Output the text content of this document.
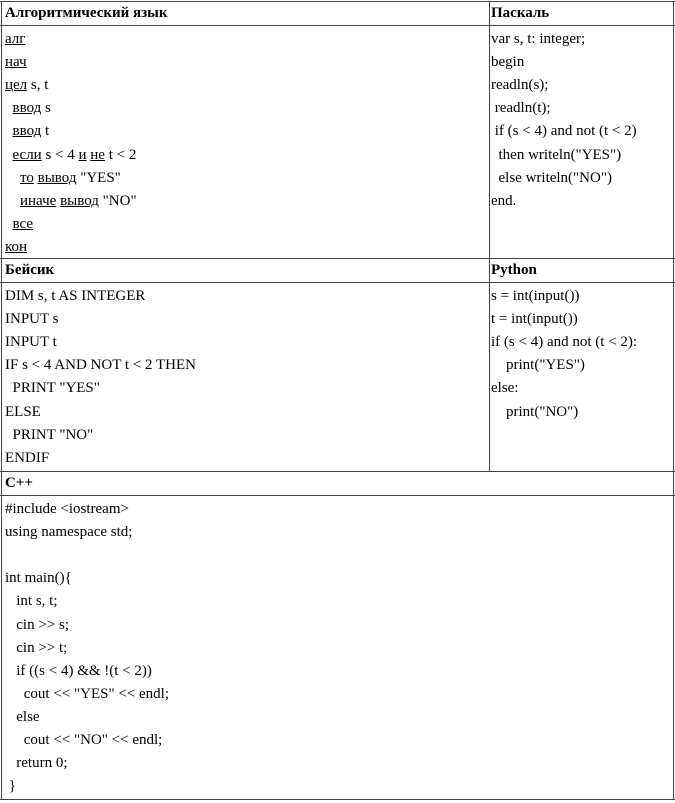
Алгоритмический язык	Паскаль
Бейсик	Python
C++
алг
нач
цел s, t
ввод s
ввод t
если s < 4 и не t < 2
то вывод "YES"
иначе вывод "NO"
все
кон
var s, t: integer;
begin
readln(s);
readln(t);
if (s < 4) and not (t < 2)
then writeln("YES")
else writeln("NO")
end.
DIM s, t AS INTEGER
INPUT s
INPUT t
IF s < 4 AND NOT t < 2 THEN
PRINT "YES"
ELSE
PRINT "NO"
ENDIF
s = int(input())
t = int(input())
if (s < 4) and not (t < 2):
print("YES")
else:
print("NO")
#include <iostream>
using namespace std;
int main(){
int s, t;
cin >> s;
cin >> t;
if ((s < 4) && !(t < 2))
cout << "YES" << endl;
else
cout << "NO" << endl;
return 0;
}
